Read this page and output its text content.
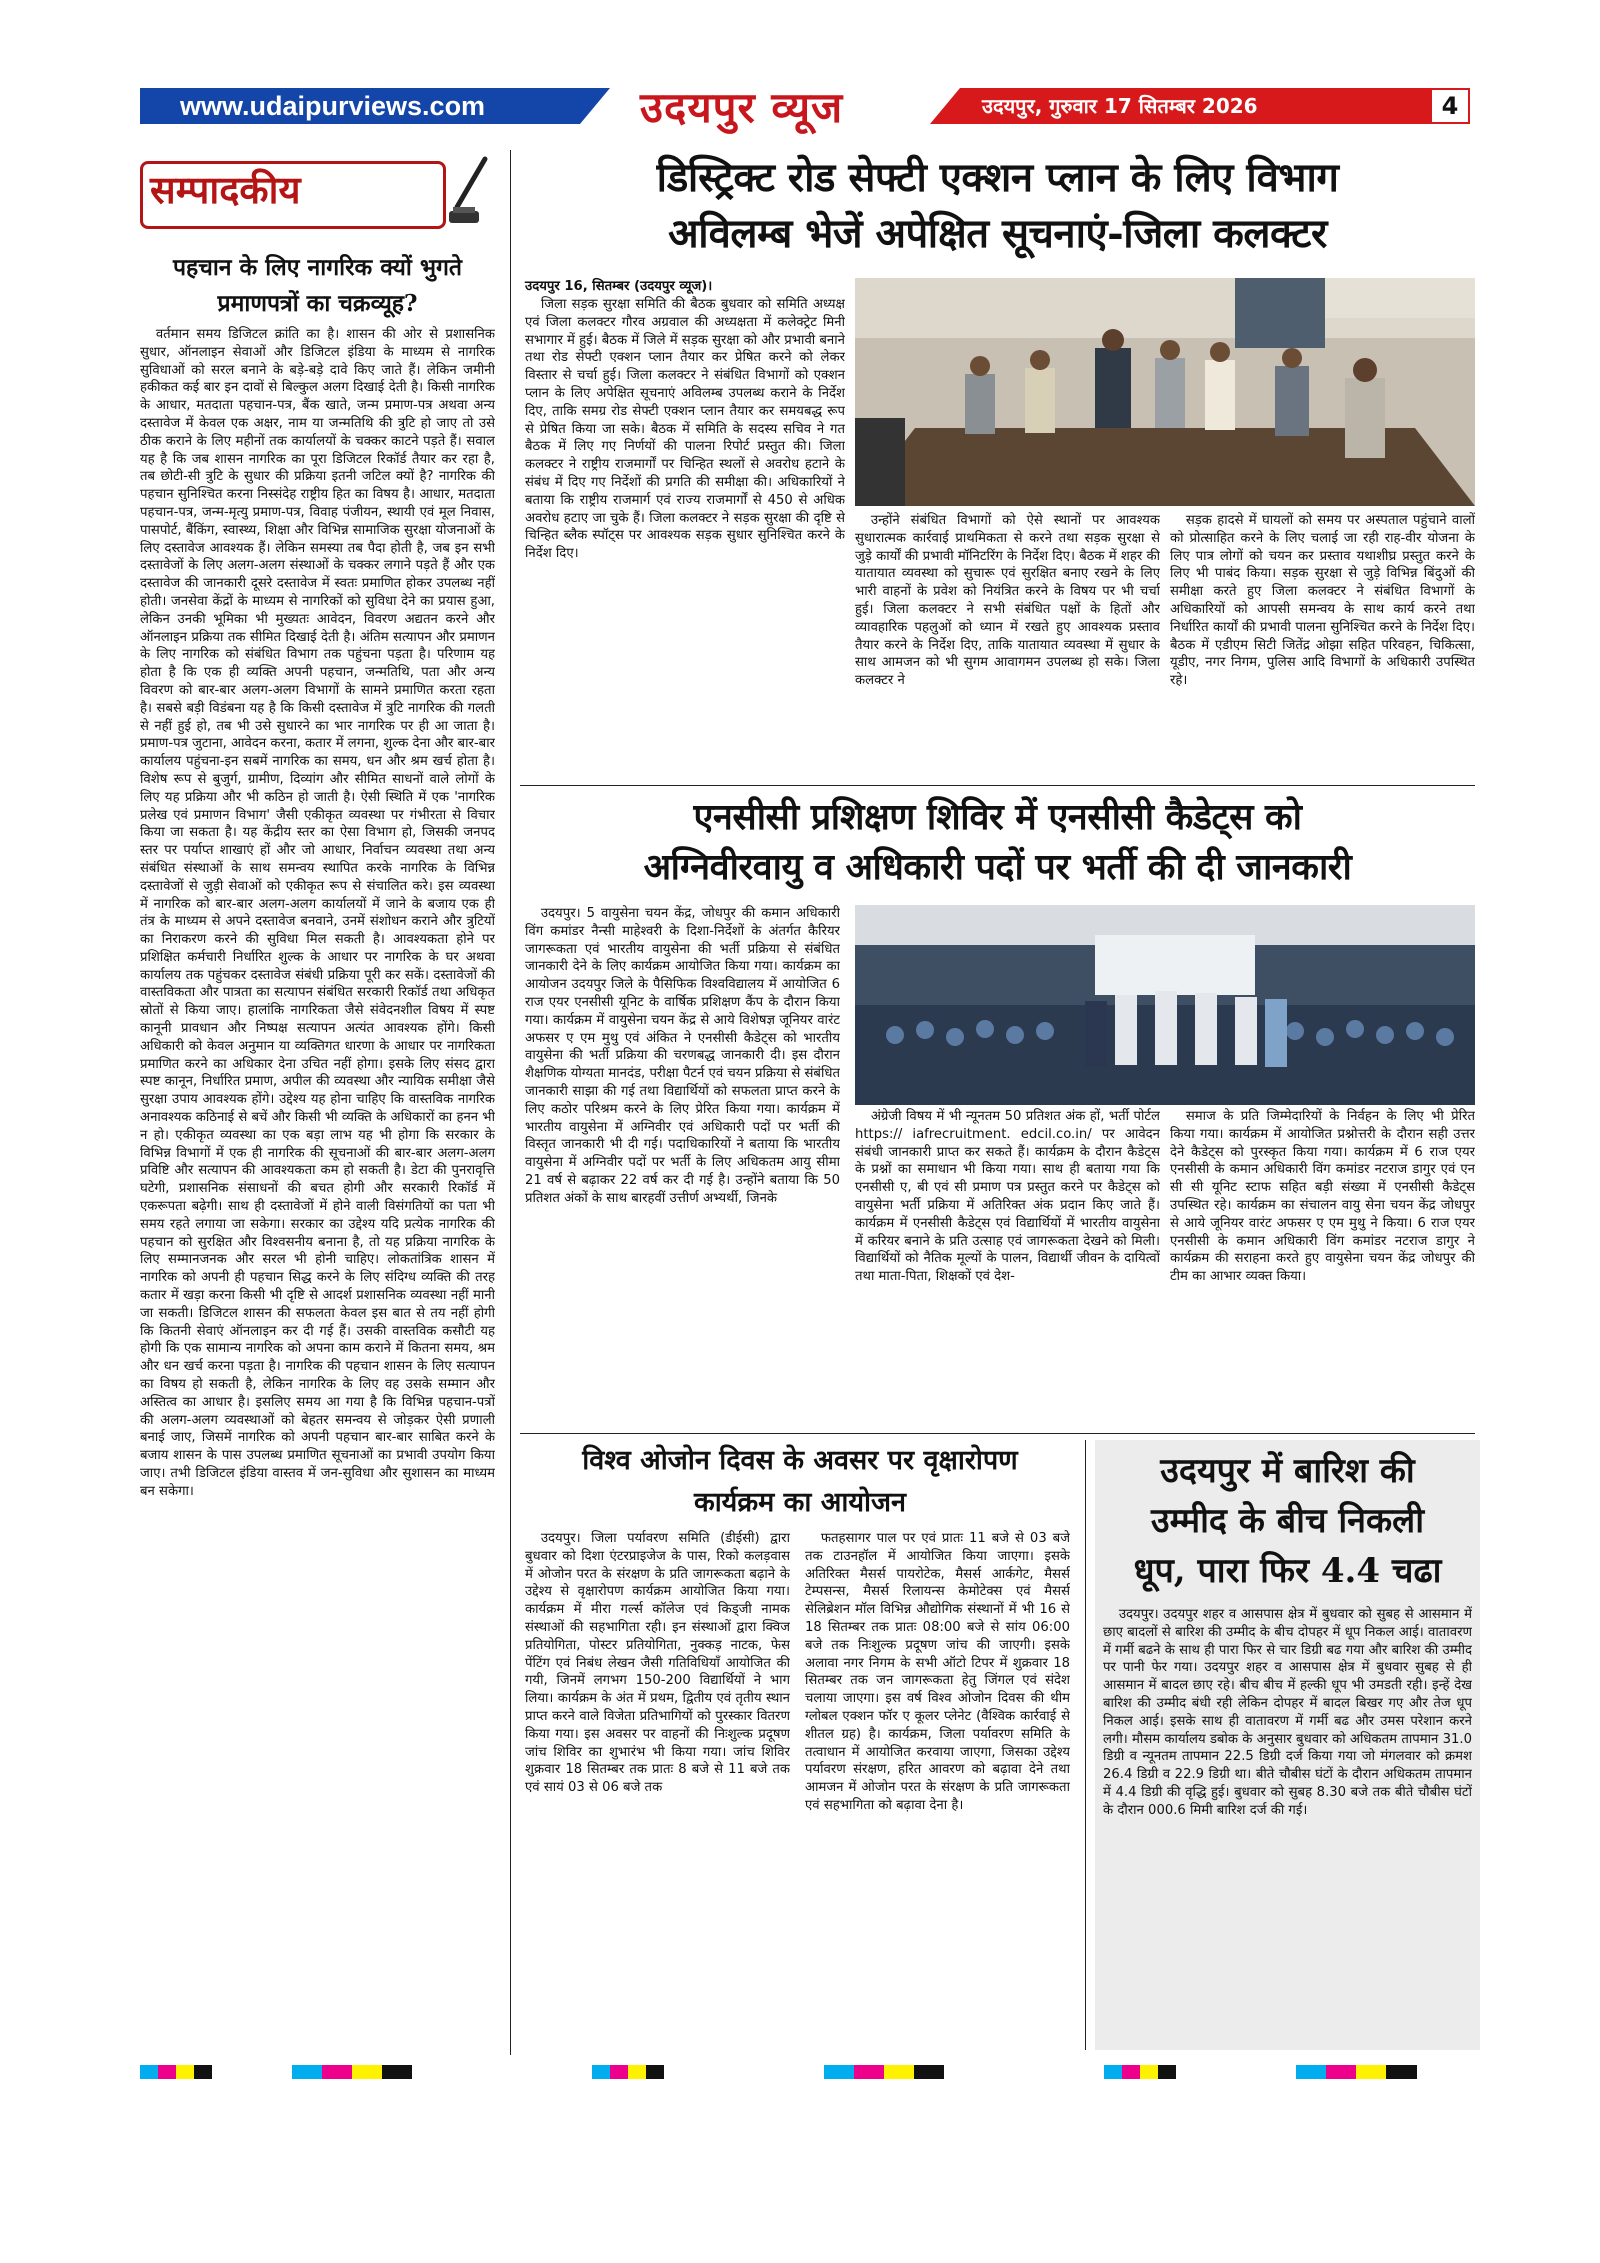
www.udaipurviews.com	उदयपुर व्यूज	उदयपुर, गुरुवार 17 सितम्बर 2026	4
सम्पादकीय
पहचान के लिए नागरिक क्यों भुगते
प्रमाणपत्रों का चक्रव्यूह?

वर्तमान समय डिजिटल क्रांति का है। शासन की ओर से प्रशासनिक सुधार, ऑनलाइन सेवाओं और डिजिटल इंडिया के माध्यम से नागरिक सुविधाओं को सरल बनाने के बड़े-बड़े दावे किए जाते हैं। लेकिन जमीनी हकीकत कई बार इन दावों से बिल्कुल अलग दिखाई देती है। किसी नागरिक के आधार, मतदाता पहचान-पत्र, बैंक खाते, जन्म प्रमाण-पत्र अथवा अन्य दस्तावेज में केवल एक अक्षर, नाम या जन्मतिथि की त्रुटि हो जाए तो उसे ठीक कराने के लिए महीनों तक कार्यालयों के चक्कर काटने पड़ते हैं। सवाल यह है कि जब शासन नागरिक का पूरा डिजिटल रिकॉर्ड तैयार कर रहा है, तब छोटी-सी त्रुटि के सुधार की प्रक्रिया इतनी जटिल क्यों है? नागरिक की पहचान सुनिश्चित करना निस्संदेह राष्ट्रीय हित का विषय है। आधार, मतदाता पहचान-पत्र, जन्म-मृत्यु प्रमाण-पत्र, विवाह पंजीयन, स्थायी एवं मूल निवास, पासपोर्ट, बैंकिंग, स्वास्थ्य, शिक्षा और विभिन्न सामाजिक सुरक्षा योजनाओं के लिए दस्तावेज आवश्यक हैं। लेकिन समस्या तब पैदा होती है, जब इन सभी दस्तावेजों के लिए अलग-अलग संस्थाओं के चक्कर लगाने पड़ते हैं और एक दस्तावेज की जानकारी दूसरे दस्तावेज में स्वतः प्रमाणित होकर उपलब्ध नहीं होती। जनसेवा केंद्रों के माध्यम से नागरिकों को सुविधा देने का प्रयास हुआ, लेकिन उनकी भूमिका भी मुख्यतः आवेदन, विवरण अद्यतन करने और ऑनलाइन प्रक्रिया तक सीमित दिखाई देती है। अंतिम सत्यापन और प्रमाणन के लिए नागरिक को संबंधित विभाग तक पहुंचना पड़ता है। परिणाम यह होता है कि एक ही व्यक्ति अपनी पहचान, जन्मतिथि, पता और अन्य विवरण को बार-बार अलग-अलग विभागों के सामने प्रमाणित करता रहता है। सबसे बड़ी विडंबना यह है कि किसी दस्तावेज में त्रुटि नागरिक की गलती से नहीं हुई हो, तब भी उसे सुधारने का भार नागरिक पर ही आ जाता है। प्रमाण-पत्र जुटाना, आवेदन करना, कतार में लगना, शुल्क देना और बार-बार कार्यालय पहुंचना-इन सबमें नागरिक का समय, धन और श्रम खर्च होता है। विशेष रूप से बुजुर्ग, ग्रामीण, दिव्यांग और सीमित साधनों वाले लोगों के लिए यह प्रक्रिया और भी कठिन हो जाती है। ऐसी स्थिति में एक 'नागरिक प्रलेख एवं प्रमाणन विभाग' जैसी एकीकृत व्यवस्था पर गंभीरता से विचार किया जा सकता है। यह केंद्रीय स्तर का ऐसा विभाग हो, जिसकी जनपद स्तर पर पर्याप्त शाखाएं हों और जो आधार, निर्वाचन व्यवस्था तथा अन्य संबंधित संस्थाओं के साथ समन्वय स्थापित करके नागरिक के विभिन्न दस्तावेजों से जुड़ी सेवाओं को एकीकृत रूप से संचालित करे। इस व्यवस्था में नागरिक को बार-बार अलग-अलग कार्यालयों में जाने के बजाय एक ही तंत्र के माध्यम से अपने दस्तावेज बनवाने, उनमें संशोधन कराने और त्रुटियों का निराकरण करने की सुविधा मिल सकती है। आवश्यकता होने पर प्रशिक्षित कर्मचारी निर्धारित शुल्क के आधार पर नागरिक के घर अथवा कार्यालय तक पहुंचकर दस्तावेज संबंधी प्रक्रिया पूरी कर सकें। दस्तावेजों की वास्तविकता और पात्रता का सत्यापन संबंधित सरकारी रिकॉर्ड तथा अधिकृत स्रोतों से किया जाए। हालांकि नागरिकता जैसे संवेदनशील विषय में स्पष्ट कानूनी प्रावधान और निष्पक्ष सत्यापन अत्यंत आवश्यक होंगे। किसी अधिकारी को केवल अनुमान या व्यक्तिगत धारणा के आधार पर नागरिकता प्रमाणित करने का अधिकार देना उचित नहीं होगा। इसके लिए संसद द्वारा स्पष्ट कानून, निर्धारित प्रमाण, अपील की व्यवस्था और न्यायिक समीक्षा जैसे सुरक्षा उपाय आवश्यक होंगे। उद्देश्य यह होना चाहिए कि वास्तविक नागरिक अनावश्यक कठिनाई से बचें और किसी भी व्यक्ति के अधिकारों का हनन भी न हो। एकीकृत व्यवस्था का एक बड़ा लाभ यह भी होगा कि सरकार के विभिन्न विभागों में एक ही नागरिक की सूचनाओं की बार-बार अलग-अलग प्रविष्टि और सत्यापन की आवश्यकता कम हो सकती है। डेटा की पुनरावृत्ति घटेगी, प्रशासनिक संसाधनों की बचत होगी और सरकारी रिकॉर्ड में एकरूपता बढ़ेगी। साथ ही दस्तावेजों में होने वाली विसंगतियों का पता भी समय रहते लगाया जा सकेगा। सरकार का उद्देश्य यदि प्रत्येक नागरिक की पहचान को सुरक्षित और विश्वसनीय बनाना है, तो यह प्रक्रिया नागरिक के लिए सम्मानजनक और सरल भी होनी चाहिए। लोकतांत्रिक शासन में नागरिक को अपनी ही पहचान सिद्ध करने के लिए संदिग्ध व्यक्ति की तरह कतार में खड़ा करना किसी भी दृष्टि से आदर्श प्रशासनिक व्यवस्था नहीं मानी जा सकती। डिजिटल शासन की सफलता केवल इस बात से तय नहीं होगी कि कितनी सेवाएं ऑनलाइन कर दी गई हैं। उसकी वास्तविक कसौटी यह होगी कि एक सामान्य नागरिक को अपना काम कराने में कितना समय, श्रम और धन खर्च करना पड़ता है। नागरिक की पहचान शासन के लिए सत्यापन का विषय हो सकती है, लेकिन नागरिक के लिए वह उसके सम्मान और अस्तित्व का आधार है। इसलिए समय आ गया है कि विभिन्न पहचान-पत्रों की अलग-अलग व्यवस्थाओं को बेहतर समन्वय से जोड़कर ऐसी प्रणाली बनाई जाए, जिसमें नागरिक को अपनी पहचान बार-बार साबित करने के बजाय शासन के पास उपलब्ध प्रमाणित सूचनाओं का प्रभावी उपयोग किया जाए। तभी डिजिटल इंडिया वास्तव में जन-सुविधा और सुशासन का माध्यम बन सकेगा।

डिस्ट्रिक्ट रोड सेफ्टी एक्शन प्लान के लिए विभाग
अविलम्ब भेजें अपेक्षित सूचनाएं-जिला कलक्टर
उदयपुर 16, सितम्बर (उदयपुर व्यूज)।

जिला सड़क सुरक्षा समिति की बैठक बुधवार को समिति अध्यक्ष एवं जिला कलक्टर गौरव अग्रवाल की अध्यक्षता में कलेक्ट्रेट मिनी सभागार में हुई। बैठक में जिले में सड़क सुरक्षा को और प्रभावी बनाने तथा रोड सेफ्टी एक्शन प्लान तैयार कर प्रेषित करने को लेकर विस्तार से चर्चा हुई। जिला कलक्टर ने संबंधित विभागों को एक्शन प्लान के लिए अपेक्षित सूचनाएं अविलम्ब उपलब्ध कराने के निर्देश दिए, ताकि समग्र रोड सेफ्टी एक्शन प्लान तैयार कर समयबद्ध रूप से प्रेषित किया जा सके। बैठक में समिति के सदस्य सचिव ने गत बैठक में लिए गए निर्णयों की पालना रिपोर्ट प्रस्तुत की। जिला कलक्टर ने राष्ट्रीय राजमार्गों पर चिन्हित स्थलों से अवरोध हटाने के संबंध में दिए गए निर्देशों की प्रगति की समीक्षा की। अधिकारियों ने बताया कि राष्ट्रीय राजमार्ग एवं राज्य राजमार्गों से 450 से अधिक अवरोध हटाए जा चुके हैं। जिला कलक्टर ने सड़क सुरक्षा की दृष्टि से चिन्हित ब्लैक स्पॉट्स पर आवश्यक सड़क सुधार सुनिश्चित करने के निर्देश दिए।

उन्होंने संबंधित विभागों को ऐसे स्थानों पर आवश्यक सुधारात्मक कार्रवाई प्राथमिकता से करने तथा सड़क सुरक्षा से जुड़े कार्यों की प्रभावी मॉनिटरिंग के निर्देश दिए। बैठक में शहर की यातायात व्यवस्था को सुचारू एवं सुरक्षित बनाए रखने के लिए भारी वाहनों के प्रवेश को नियंत्रित करने के विषय पर भी चर्चा हुई। जिला कलक्टर ने सभी संबंधित पक्षों के हितों और व्यावहारिक पहलुओं को ध्यान में रखते हुए आवश्यक प्रस्ताव तैयार करने के निर्देश दिए, ताकि यातायात व्यवस्था में सुधार के साथ आमजन को भी सुगम आवागमन उपलब्ध हो सके। जिला कलक्टर ने

सड़क हादसे में घायलों को समय पर अस्पताल पहुंचाने वालों को प्रोत्साहित करने के लिए चलाई जा रही राह-वीर योजना के लिए पात्र लोगों को चयन कर प्रस्ताव यथाशीघ्र प्रस्तुत करने के लिए भी पाबंद किया। सड़क सुरक्षा से जुड़े विभिन्न बिंदुओं की समीक्षा करते हुए जिला कलक्टर ने संबंधित विभागों के अधिकारियों को आपसी समन्वय के साथ कार्य करने तथा निर्धारित कार्यों की प्रभावी पालना सुनिश्चित करने के निर्देश दिए। बैठक में एडीएम सिटी जितेंद्र ओझा सहित परिवहन, चिकित्सा, यूडीए, नगर निगम, पुलिस आदि विभागों के अधिकारी उपस्थित रहे।

एनसीसी प्रशिक्षण शिविर में एनसीसी कैडेट्स को
अग्निवीरवायु व अधिकारी पदों पर भर्ती की दी जानकारी

उदयपुर। 5 वायुसेना चयन केंद्र, जोधपुर की कमान अधिकारी विंग कमांडर नैन्सी माहेश्वरी के दिशा-निर्देशों के अंतर्गत कैरियर जागरूकता एवं भारतीय वायुसेना की भर्ती प्रक्रिया से संबंधित जानकारी देने के लिए कार्यक्रम आयोजित किया गया। कार्यक्रम का आयोजन उदयपुर जिले के पैसिफिक विश्वविद्यालय में आयोजित 6 राज एयर एनसीसी यूनिट के वार्षिक प्रशिक्षण कैंप के दौरान किया गया। कार्यक्रम में वायुसेना चयन केंद्र से आये विशेषज्ञ जूनियर वारंट अफसर ए एम मुथु एवं अंकित ने एनसीसी कैडेट्स को भारतीय वायुसेना की भर्ती प्रक्रिया की चरणबद्ध जानकारी दी। इस दौरान शैक्षणिक योग्यता मानदंड, परीक्षा पैटर्न एवं चयन प्रक्रिया से संबंधित जानकारी साझा की गई तथा विद्यार्थियों को सफलता प्राप्त करने के लिए कठोर परिश्रम करने के लिए प्रेरित किया गया। कार्यक्रम में भारतीय वायुसेना में अग्निवीर एवं अधिकारी पदों पर भर्ती की विस्तृत जानकारी भी दी गई। पदाधिकारियों ने बताया कि भारतीय वायुसेना में अग्निवीर पदों पर भर्ती के लिए अधिकतम आयु सीमा 21 वर्ष से बढ़ाकर 22 वर्ष कर दी गई है। उन्होंने बताया कि 50 प्रतिशत अंकों के साथ बारहवीं उत्तीर्ण अभ्यर्थी, जिनके

अंग्रेजी विषय में भी न्यूनतम 50 प्रतिशत अंक हों, भर्ती पोर्टल https:// iafrecruitment. edcil.co.in/ पर आवेदन संबंधी जानकारी प्राप्त कर सकते हैं। कार्यक्रम के दौरान कैडेट्स के प्रश्नों का समाधान भी किया गया। साथ ही बताया गया कि एनसीसी ए, बी एवं सी प्रमाण पत्र प्रस्तुत करने पर कैडेट्स को वायुसेना भर्ती प्रक्रिया में अतिरिक्त अंक प्रदान किए जाते हैं। कार्यक्रम में एनसीसी कैडेट्स एवं विद्यार्थियों में भारतीय वायुसेना में करियर बनाने के प्रति उत्साह एवं जागरूकता देखने को मिली। विद्यार्थियों को नैतिक मूल्यों के पालन, विद्यार्थी जीवन के दायित्वों तथा माता-पिता, शिक्षकों एवं देश-

समाज के प्रति जिम्मेदारियों के निर्वहन के लिए भी प्रेरित किया गया। कार्यक्रम में आयोजित प्रश्नोत्तरी के दौरान सही उत्तर देने कैडेट्स को पुरस्कृत किया गया। कार्यक्रम में 6 राज एयर एनसीसी के कमान अधिकारी विंग कमांडर नटराज डागुर एवं एन सी सी यूनिट स्टाफ सहित बड़ी संख्या में एनसीसी कैडेट्स उपस्थित रहे। कार्यक्रम का संचालन वायु सेना चयन केंद्र जोधपुर से आये जूनियर वारंट अफसर ए एम मुथु ने किया। 6 राज एयर एनसीसी के कमान अधिकारी विंग कमांडर नटराज डागुर ने कार्यक्रम की सराहना करते हुए वायुसेना चयन केंद्र जोधपुर की टीम का आभार व्यक्त किया।

विश्व ओजोन दिवस के अवसर पर वृक्षारोपण
कार्यक्रम का आयोजन

उदयपुर। जिला पर्यावरण समिति (डीईसी) द्वारा बुधवार को दिशा एंटरप्राइजेज के पास, रिको कलड़वास में ओजोन परत के संरक्षण के प्रति जागरूकता बढ़ाने के उद्देश्य से वृक्षारोपण कार्यक्रम आयोजित किया गया। कार्यक्रम में मीरा गर्ल्स कॉलेज एवं किड्जी नामक संस्थाओं की सहभागिता रही। इन संस्थाओं द्वारा क्विज प्रतियोगिता, पोस्टर प्रतियोगिता, नुक्कड़ नाटक, फेस पेंटिंग एवं निबंध लेखन जैसी गतिविधियाँ आयोजित की गयी, जिनमें लगभग 150-200 विद्यार्थियों ने भाग लिया। कार्यक्रम के अंत में प्रथम, द्वितीय एवं तृतीय स्थान प्राप्त करने वाले विजेता प्रतिभागियों को पुरस्कार वितरण किया गया। इस अवसर पर वाहनों की निःशुल्क प्रदूषण जांच शिविर का शुभारंभ भी किया गया। जांच शिविर शुक्रवार 18 सितम्बर तक प्रातः 8 बजे से 11 बजे तक एवं सायं 03 से 06 बजे तक

फतहसागर पाल पर एवं प्रातः 11 बजे से 03 बजे तक टाउनहॉल में आयोजित किया जाएगा। इसके अतिरिक्त मैसर्स पायरोटेक, मैसर्स आर्कगेट, मैसर्स टेम्पसन्स, मैसर्स रिलायन्स केमोटेक्स एवं मैसर्स सेलिब्रेशन मॉल विभिन्न औद्योगिक संस्थानों में भी 16 से 18 सितम्बर तक प्रातः 08:00 बजे से सांय 06:00 बजे तक निःशुल्क प्रदूषण जांच की जाएगी। इसके अलावा नगर निगम के सभी ऑटो टिपर में शुक्रवार 18 सितम्बर तक जन जागरूकता हेतु जिंगल एवं संदेश चलाया जाएगा। इस वर्ष विश्व ओजोन दिवस की थीम ग्लोबल एक्शन फॉर ए कूलर प्लेनेट (वैश्विक कार्रवाई से शीतल ग्रह) है। कार्यक्रम, जिला पर्यावरण समिति के तत्वाधान में आयोजित करवाया जाएगा, जिसका उद्देश्य पर्यावरण संरक्षण, हरित आवरण को बढ़ावा देने तथा आमजन में ओजोन परत के संरक्षण के प्रति जागरूकता एवं सहभागिता को बढ़ावा देना है।

उदयपुर में बारिश की
उम्मीद के बीच निकली
धूप, पारा फिर 4.4 चढा

उदयपुर। उदयपुर शहर व आसपास क्षेत्र में बुधवार को सुबह से आसमान में छाए बादलों से बारिश की उम्मीद के बीच दोपहर में धूप निकल आई। वातावरण में गर्मी बढने के साथ ही पारा फिर से चार डिग्री बढ गया और बारिश की उम्मीद पर पानी फेर गया। उदयपुर शहर व आसपास क्षेत्र में बुधवार सुबह से ही आसमान में बादल छाए रहे। बीच बीच में हल्की धूप भी उमडती रही। इन्हें देख बारिश की उम्मीद बंधी रही लेकिन दोपहर में बादल बिखर गए और तेज धूप निकल आई। इसके साथ ही वातावरण में गर्मी बढ और उमस परेशान करने लगी। मौसम कार्यालय डबोक के अनुसार बुधवार को अधिकतम तापमान 31.0 डिग्री व न्यूनतम तापमान 22.5 डिग्री दर्ज किया गया जो मंगलवार को क्रमश 26.4 डिग्री व 22.9 डिग्री था। बीते चौबीस घंटों के दौरान अधिकतम तापमान में 4.4 डिग्री की वृद्धि हुई। बुधवार को सुबह 8.30 बजे तक बीते चौबीस घंटों के दौरान 000.6 मिमी बारिश दर्ज की गई।
